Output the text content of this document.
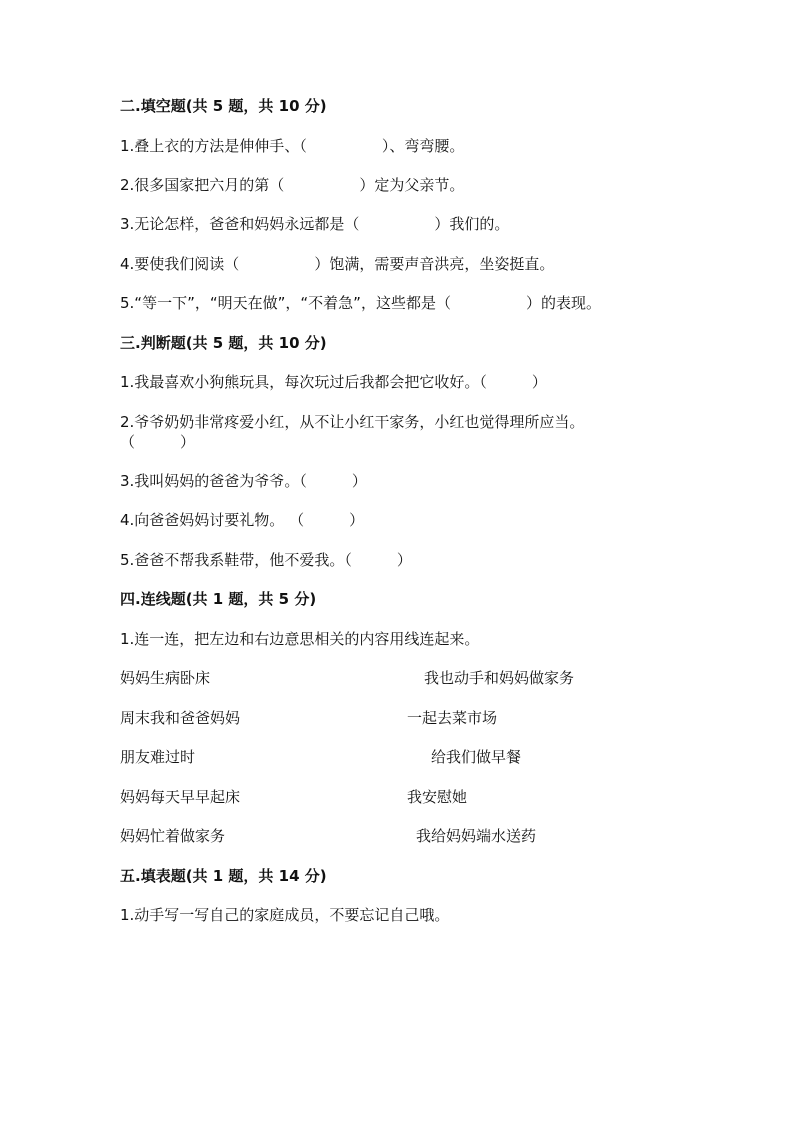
二.填空题(共 5 题，共 10 分)
1.叠上衣的方法是伸伸手、（　　　　　）、弯弯腰。
2.很多国家把六月的第（　　　　　）定为父亲节。
3.无论怎样，爸爸和妈妈永远都是（　　　　　）我们的。
4.要使我们阅读（　　　　　）饱满，需要声音洪亮，坐姿挺直。
5.“等一下”，“明天在做”，“不着急”，这些都是（　　　　　）的表现。
三.判断题(共 5 题，共 10 分)
1.我最喜欢小狗熊玩具，每次玩过后我都会把它收好。（　　　）
2.爷爷奶奶非常疼爱小红，从不让小红干家务，小红也觉得理所应当。
（　　　）
3.我叫妈妈的爸爸为爷爷。（　　　）
4.向爸爸妈妈讨要礼物。 （　　　）
5.爸爸不帮我系鞋带，他不爱我。（　　　）
四.连线题(共 1 题，共 5 分)
1.连一连，把左边和右边意思相关的内容用线连起来。
妈妈生病卧床	我也动手和妈妈做家务
周末我和爸爸妈妈	一起去菜市场
朋友难过时	给我们做早餐
妈妈每天早早起床	我安慰她
妈妈忙着做家务	我给妈妈端水送药
五.填表题(共 1 题，共 14 分)
1.动手写一写自己的家庭成员，不要忘记自己哦。
